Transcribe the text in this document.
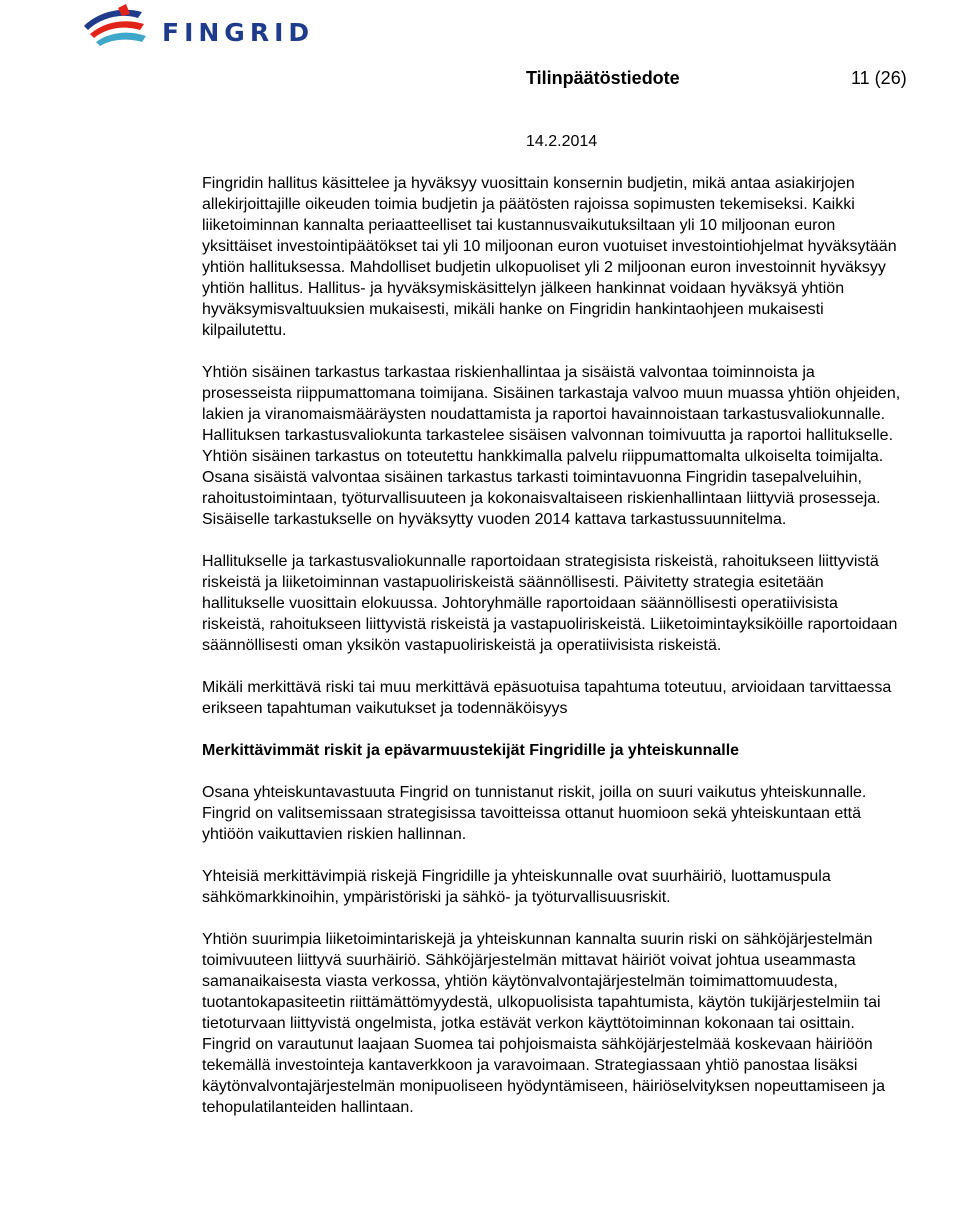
FINGRID
Tilinpäätöstiedote	11 (26)
14.2.2014

Fingridin hallitus käsittelee ja hyväksyy vuosittain konsernin budjetin, mikä antaa asiakirjojen allekirjoittajille oikeuden toimia budjetin ja päätösten rajoissa sopimusten tekemiseksi. Kaikki liiketoiminnan kannalta periaatteelliset tai kustannusvaikutuksiltaan yli 10 miljoonan euron yksittäiset investointipäätökset tai yli 10 miljoonan euron vuotuiset investointiohjelmat hyväksytään yhtiön hallituksessa. Mahdolliset budjetin ulkopuoliset yli 2 miljoonan euron investoinnit hyväksyy yhtiön hallitus. Hallitus- ja hyväksymiskäsittelyn jälkeen hankinnat voidaan hyväksyä yhtiön hyväksymisvaltuuksien mukaisesti, mikäli hanke on Fingridin hankintaohjeen mukaisesti kilpailutettu.

Yhtiön sisäinen tarkastus tarkastaa riskienhallintaa ja sisäistä valvontaa toiminnoista ja prosesseista riippumattomana toimijana. Sisäinen tarkastaja valvoo muun muassa yhtiön ohjeiden, lakien ja viranomaismääräysten noudattamista ja raportoi havainnoistaan tarkastusvaliokunnalle. Hallituksen tarkastusvaliokunta tarkastelee sisäisen valvonnan toimivuutta ja raportoi hallitukselle. Yhtiön sisäinen tarkastus on toteutettu hankkimalla palvelu riippumattomalta ulkoiselta toimijalta. Osana sisäistä valvontaa sisäinen tarkastus tarkasti toimintavuonna Fingridin tasepalveluihin, rahoitustoimintaan, työturvallisuuteen ja kokonaisvaltaiseen riskienhallintaan liittyviä prosesseja. Sisäiselle tarkastukselle on hyväksytty vuoden 2014 kattava tarkastussuunnitelma.

Hallitukselle ja tarkastusvaliokunnalle raportoidaan strategisista riskeistä, rahoitukseen liittyvistä riskeistä ja liiketoiminnan vastapuoliriskeistä säännöllisesti. Päivitetty strategia esitetään hallitukselle vuosittain elokuussa. Johtoryhmälle raportoidaan säännöllisesti operatiivisista riskeistä, rahoitukseen liittyvistä riskeistä ja vastapuoliriskeistä. Liiketoimintayksiköille raportoidaan säännöllisesti oman yksikön vastapuoliriskeistä ja operatiivisista riskeistä.

Mikäli merkittävä riski tai muu merkittävä epäsuotuisa tapahtuma toteutuu, arvioidaan tarvittaessa erikseen tapahtuman vaikutukset ja todennäköisyys

Merkittävimmät riskit ja epävarmuustekijät Fingridille ja yhteiskunnalle

Osana yhteiskuntavastuuta Fingrid on tunnistanut riskit, joilla on suuri vaikutus yhteiskunnalle. Fingrid on valitsemissaan strategisissa tavoitteissa ottanut huomioon sekä yhteiskuntaan että yhtiöön vaikuttavien riskien hallinnan.

Yhteisiä merkittävimpiä riskejä Fingridille ja yhteiskunnalle ovat suurhäiriö, luottamuspula sähkömarkkinoihin, ympäristöriski ja sähkö- ja työturvallisuusriskit.

Yhtiön suurimpia liiketoimintariskejä ja yhteiskunnan kannalta suurin riski on sähköjärjestelmän toimivuuteen liittyvä suurhäiriö. Sähköjärjestelmän mittavat häiriöt voivat johtua useammasta samanaikaisesta viasta verkossa, yhtiön käytönvalvontajärjestelmän toimimattomuudesta, tuotantokapasiteetin riittämättömyydestä, ulkopuolisista tapahtumista, käytön tukijärjestelmiin tai tietoturvaan liittyvistä ongelmista, jotka estävät verkon käyttötoiminnan kokonaan tai osittain. Fingrid on varautunut laajaan Suomea tai pohjoismaista sähköjärjestelmää koskevaan häiriöön tekemällä investointeja kantaverkkoon ja varavoimaan. Strategiassaan yhtiö panostaa lisäksi käytönvalvontajärjestelmän monipuoliseen hyödyntämiseen, häiriöselvityksen nopeuttamiseen ja tehopulatilanteiden hallintaan.
